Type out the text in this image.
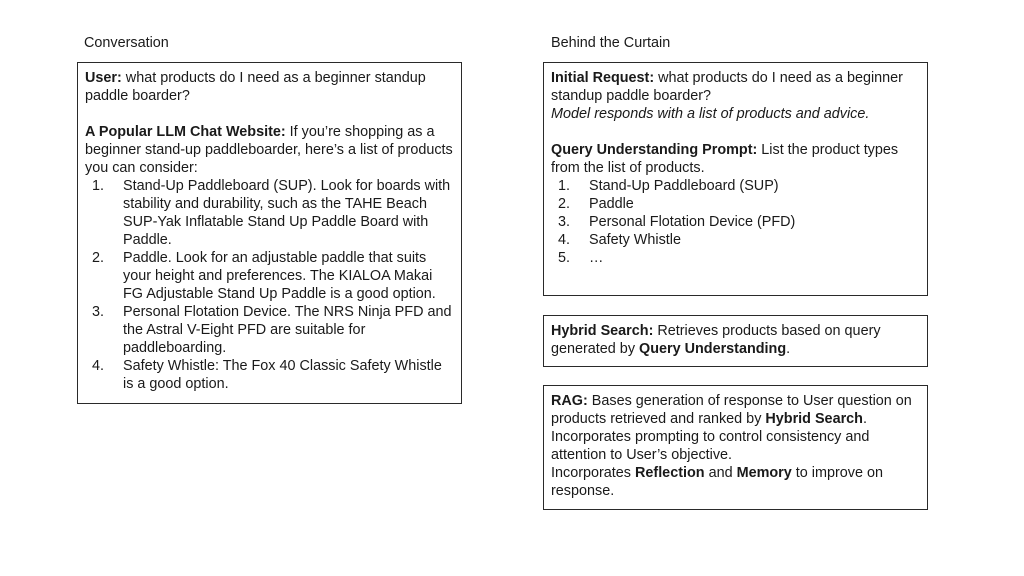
Conversation

User: what products do I need as a beginner standup paddle boarder?

A Popular LLM Chat Website: If you’re shopping as a beginner stand-up paddleboarder, here’s a list of products you can consider:

1. Stand-Up Paddleboard (SUP). Look for boards with stability and durability, such as the TAHE Beach SUP-Yak Inflatable Stand Up Paddle Board with Paddle.
2. Paddle. Look for an adjustable paddle that suits your height and preferences. The KIALOA Makai FG Adjustable Stand Up Paddle is a good option.
3. Personal Flotation Device. The NRS Ninja PFD and the Astral V-Eight PFD are suitable for paddleboarding.
4. Safety Whistle: The Fox 40 Classic Safety Whistle is a good option.
Behind the Curtain

Initial Request: what products do I need as a beginner standup paddle boarder?

Model responds with a list of products and advice.

Query Understanding Prompt: List the product types from the list of products.

1. Stand-Up Paddleboard (SUP)
2. Paddle
3. Personal Flotation Device (PFD)
4. Safety Whistle
5. …

Hybrid Search: Retrieves products based on query generated by Query Understanding.

RAG: Bases generation of response to User question on products retrieved and ranked by Hybrid Search.

Incorporates prompting to control consistency and attention to User’s objective.

Incorporates Reflection and Memory to improve on response.
